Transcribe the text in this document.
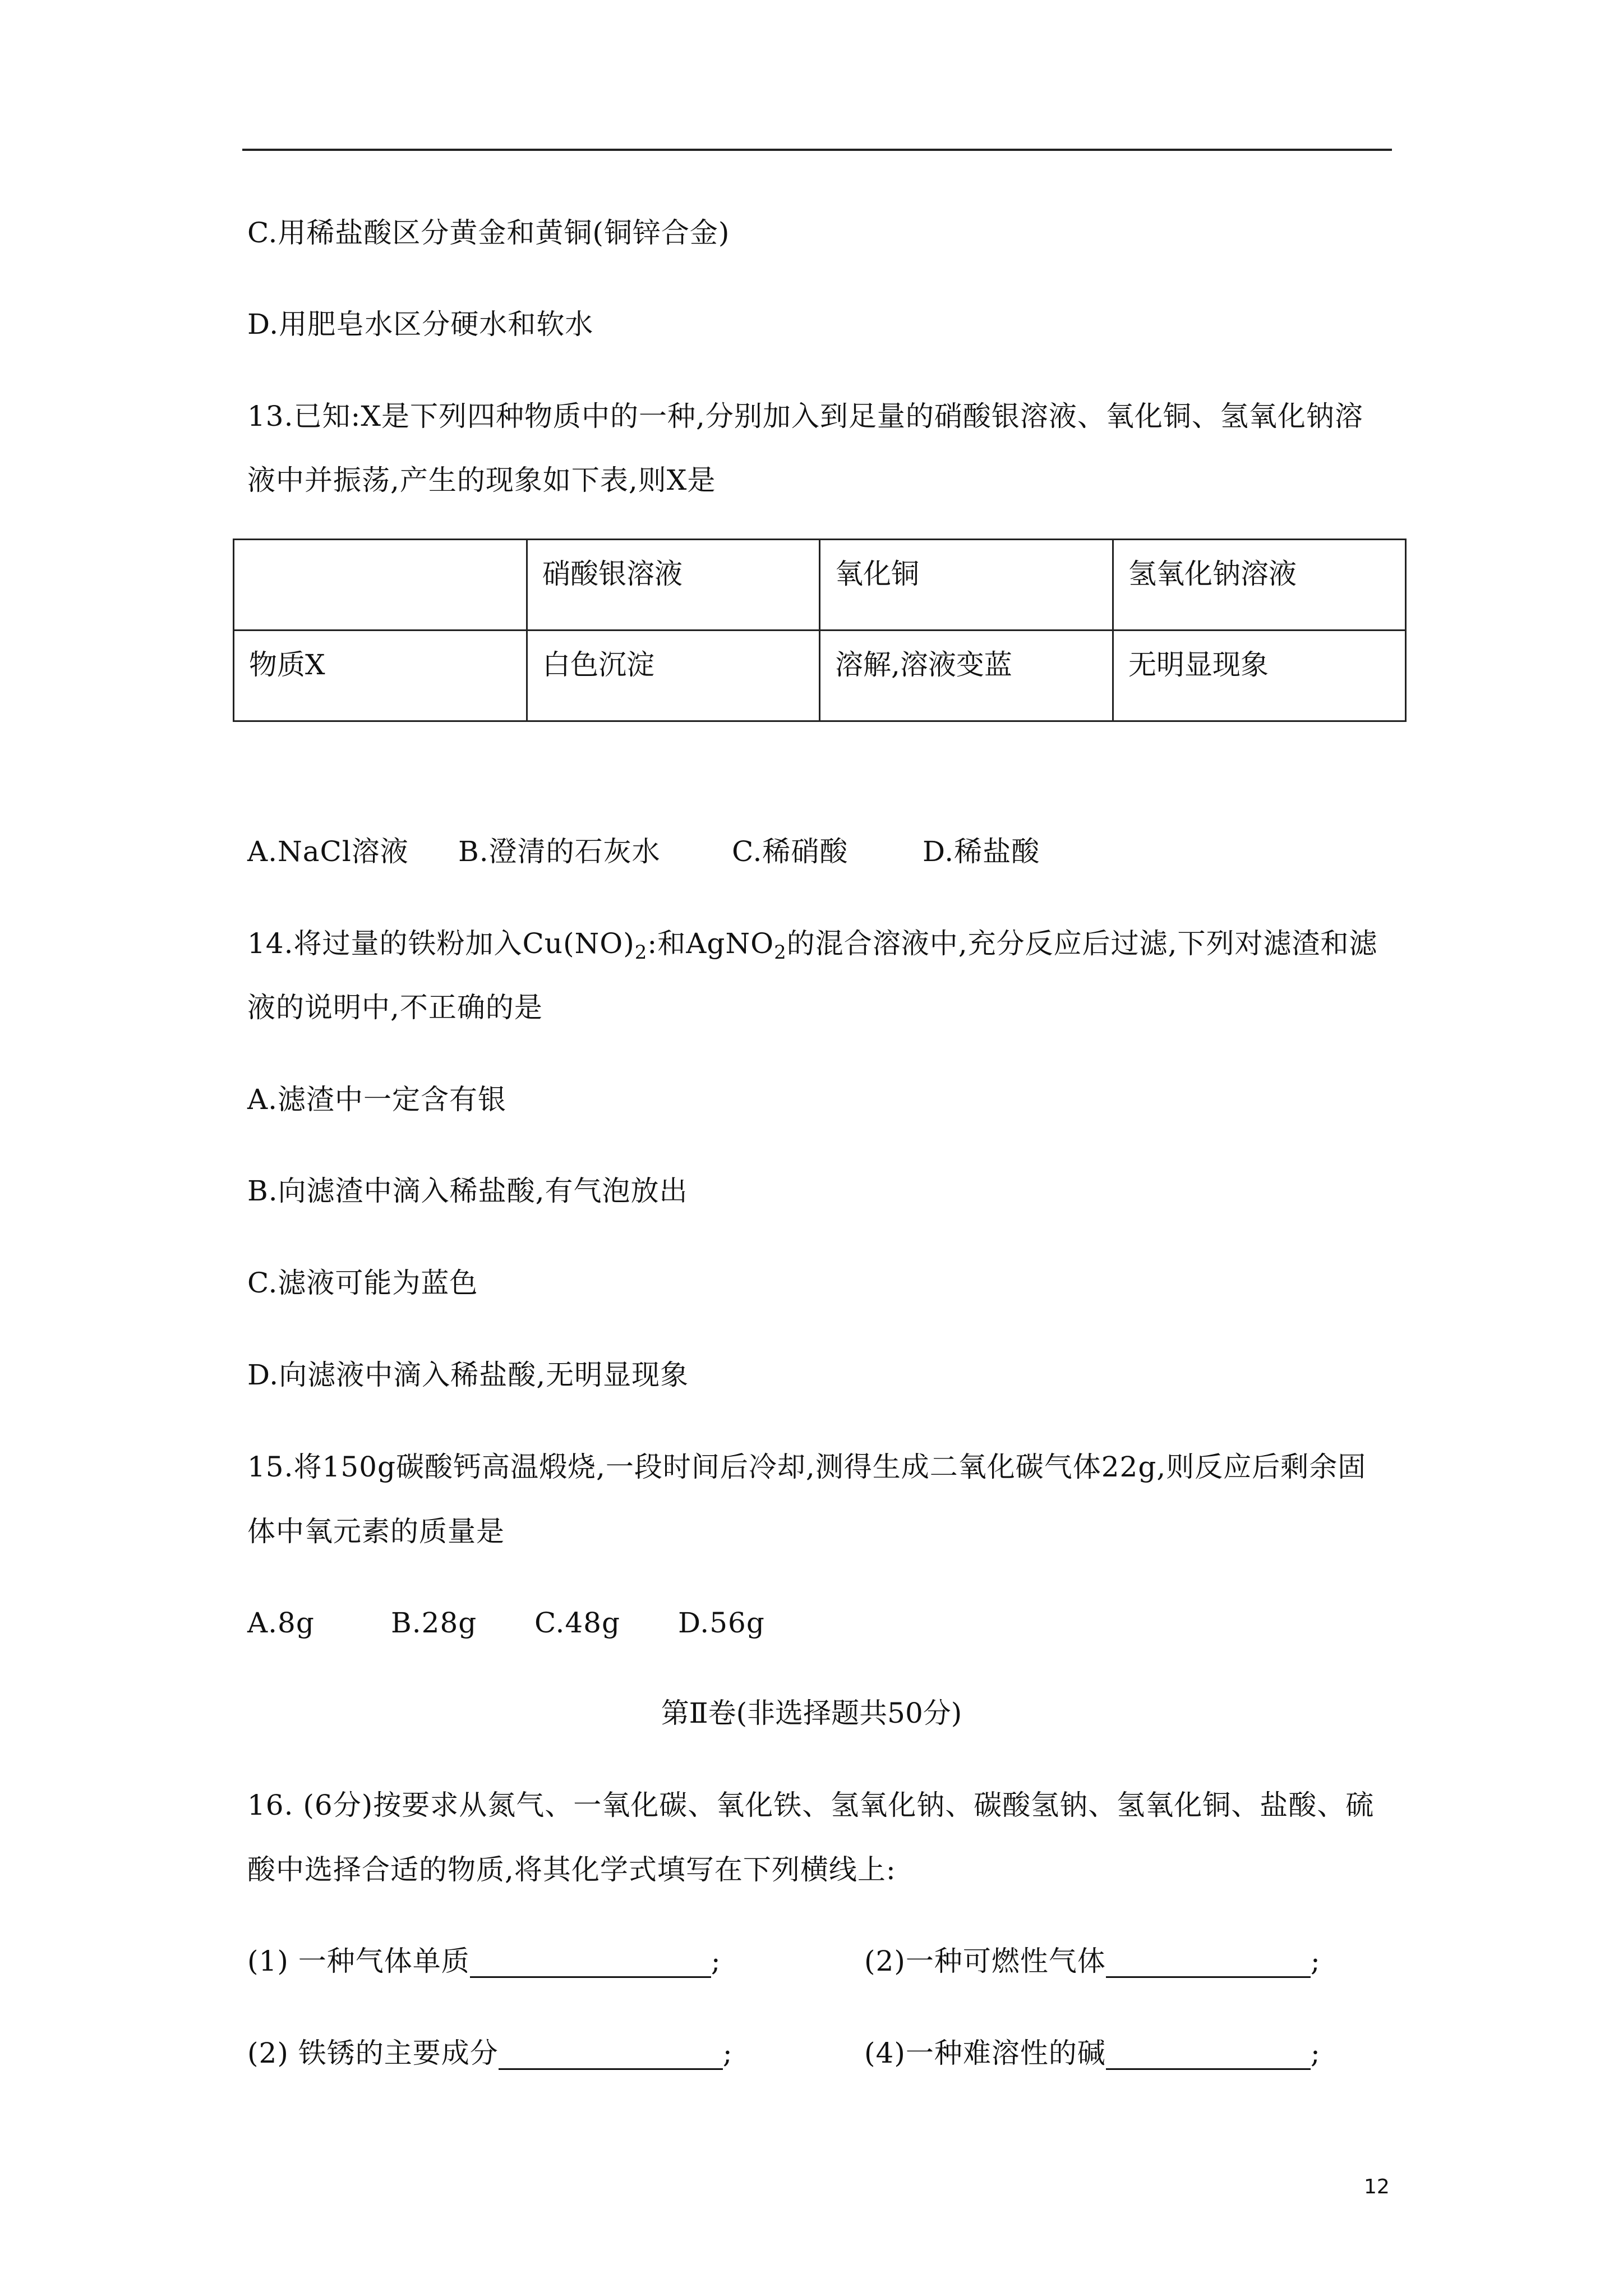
C.用稀盐酸区分黄金和黄铜(铜锌合金)
D.用肥皂水区分硬水和软水
13.已知:X是下列四种物质中的一种,分别加入到足量的硝酸银溶液、氧化铜、氢氧化钠溶
液中并振荡,产生的现象如下表,则X是
	硝酸银溶液	氧化铜	氢氧化钠溶液
物质X	白色沉淀	溶解,溶液变蓝	无明显现象
A.NaCl溶液 B.澄清的石灰水	C.稀硝酸	D.稀盐酸
14.将过量的铁粉加入$Cu(NO)_2$:和AgNO$_2$的混合溶液中,充分反应后过滤,下列对滤渣和滤
液的说明中,不正确的是
A.滤渣中一定含有银
B.向滤渣中滴入稀盐酸,有气泡放出
C.滤液可能为蓝色
D.向滤液中滴入稀盐酸,无明显现象
15.将150g碳酸钙高温煅烧,一段时间后冷却,测得生成二氧化碳气体22g,则反应后剩余固
体中氧元素的质量是
A.8g	B.28g C.48g D.56g
第Ⅱ卷(非选择题共50分)
16. (6分)按要求从氮气、一氧化碳、氧化铁、氢氧化钠、碳酸氢钠、氢氧化铜、盐酸、硫
酸中选择合适的物质,将其化学式填写在下列横线上:
(1) 一种气体单质	;	(2)一种可燃性气体	;
(2) 铁锈的主要成分	;	(4)一种难溶性的碱	;
12
